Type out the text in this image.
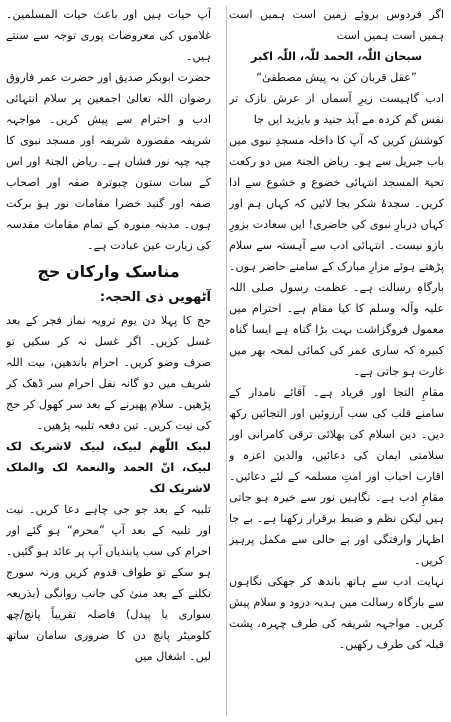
اگر فردوس بروئے زمین است ہمیں است ہمیں است ہمیں است

سبحان اللّٰہ، الحمد للّٰہ، اللّٰہ اکبر

”عقل قربان کن بہ پیش مصطفیٰ“

ادب گاہیست زیرِ آسماں از عرش نازک تر نفس گم کردہ مے آید جنید و بایزید ایں جا

کوشش کریں کہ آپ کا داخلہ مسجدِ نبوی میں باب جبریل سے ہو۔ ریاض الجنۃ میں دو رکعت تحیۃ المسجد انتہائی خضوع و خشوع سے ادا کریں۔ سجدۂ شکر بجا لائیں کہ کہاں ہم اور کہاں دربارِ نبوی کی حاضری! ایں سعادت بزورِ بازو نیست۔ انتہائی ادب سے آہستہ سے سلام پڑھتے ہوئے مزارِ مبارک کے سامنے حاضر ہوں۔ بارگاہِ رسالت ہے۔ عظمت رسول صلی اللہ علیہ وآلہ وسلم کا کیا مقام ہے۔ احترام میں معمول فروگزاشت بہت بڑا گناہ ہے ایسا گناہ کبیرہ کہ ساری عمر کی کمائی لمحہ بھر میں غارت ہو جاتی ہے۔

مقامِ التجا اور فریاد ہے۔ آقائے نامدار کے سامنے قلب کی سب آرزوئیں اور التجائیں رکھ دیں۔ دین اسلام کی بھلائی ترقی کامرانی اور سلامتی ایمان کی دعائیں، والدین اعزہ و اقارب احباب اور امتِ مسلمہ کے لئے دعائیں۔ مقامِ ادب ہے۔ نگاہیں نور سے خیرہ ہو جاتی ہیں لیکن نظم و ضبط برقرار رکھنا ہے۔ بے جا اظہار وارفتگی اور بے حالی سے مکمل پرہیز کریں۔

نہایت ادب سے ہاتھ باندھ کر جھکی نگاہوں سے بارگاہ رسالت میں ہدیہ درود و سلام پیش کریں۔ مواجہہ شریفہ کی طرف چہرہ، پشت قبلہ کی طرف رکھیں۔

آپ حیات ہیں اور باعث حیات المسلمین۔ غلاموں کی معروضات پوری توجہ سے سنتے ہیں۔

حضرت ابوبکر صدیق اور حضرت عمر فاروق

رضوان اللہ تعالیٰ اجمعین پر سلام انتہائی ادب و احترام سے پیش کریں۔ مواجہہ شریفہ مقصورہ شریفہ اور مسجد نبوی کا چپہ چپہ نور فشاں ہے۔ ریاض الجنۃ اور اس کے سات ستون چبوترہ صفہ اور اصحاب صفہ اور گنبد خضرا مقامات نور ہو برکت ہوں۔ مدینہ منورہ کے تمام مقامات مقدسہ کی زیارت عین عبادت ہے۔

مناسک وارکان حج

آٹھویں ذی الحجہ:

حج کا پہلا دن یوم ترویہ نماز فجر کے بعد غسل کریں۔ اگر غسل نہ کر سکیں تو صرف وضو کریں۔ احرام باندھیں، بیت اللہ شریف میں دو گانہ نفل احرام سر ڈھک کر پڑھیں۔ سلام پھیرنے کے بعد سر کھول کر حج کی نیت کریں۔ تین دفعہ تلبیہ پڑھیں۔

لبیک اللّٰھم لبیک، لبیک لاشریک لک لبیک، انّ الحمد والنعمۃ لک والملک لاشریک لک

تلبیہ کے بعد جو جی چاہے دعا کریں۔ نیت اور تلبیہ کے بعد آپ ”محرم“ ہو گئے اور احرام کی سب پابندیاں آپ پر عائد ہو گئیں۔ ہو سکے تو طواف قدوم کریں ورنہ سورج نکلنے کے بعد منیٰ کی جانب روانگی (بذریعہ سواری یا پیدل) فاصلہ تقریباً پانچ/چھ کلومیٹر پانچ دن کا ضروری سامان ساتھ لیں۔ اشغال میں
